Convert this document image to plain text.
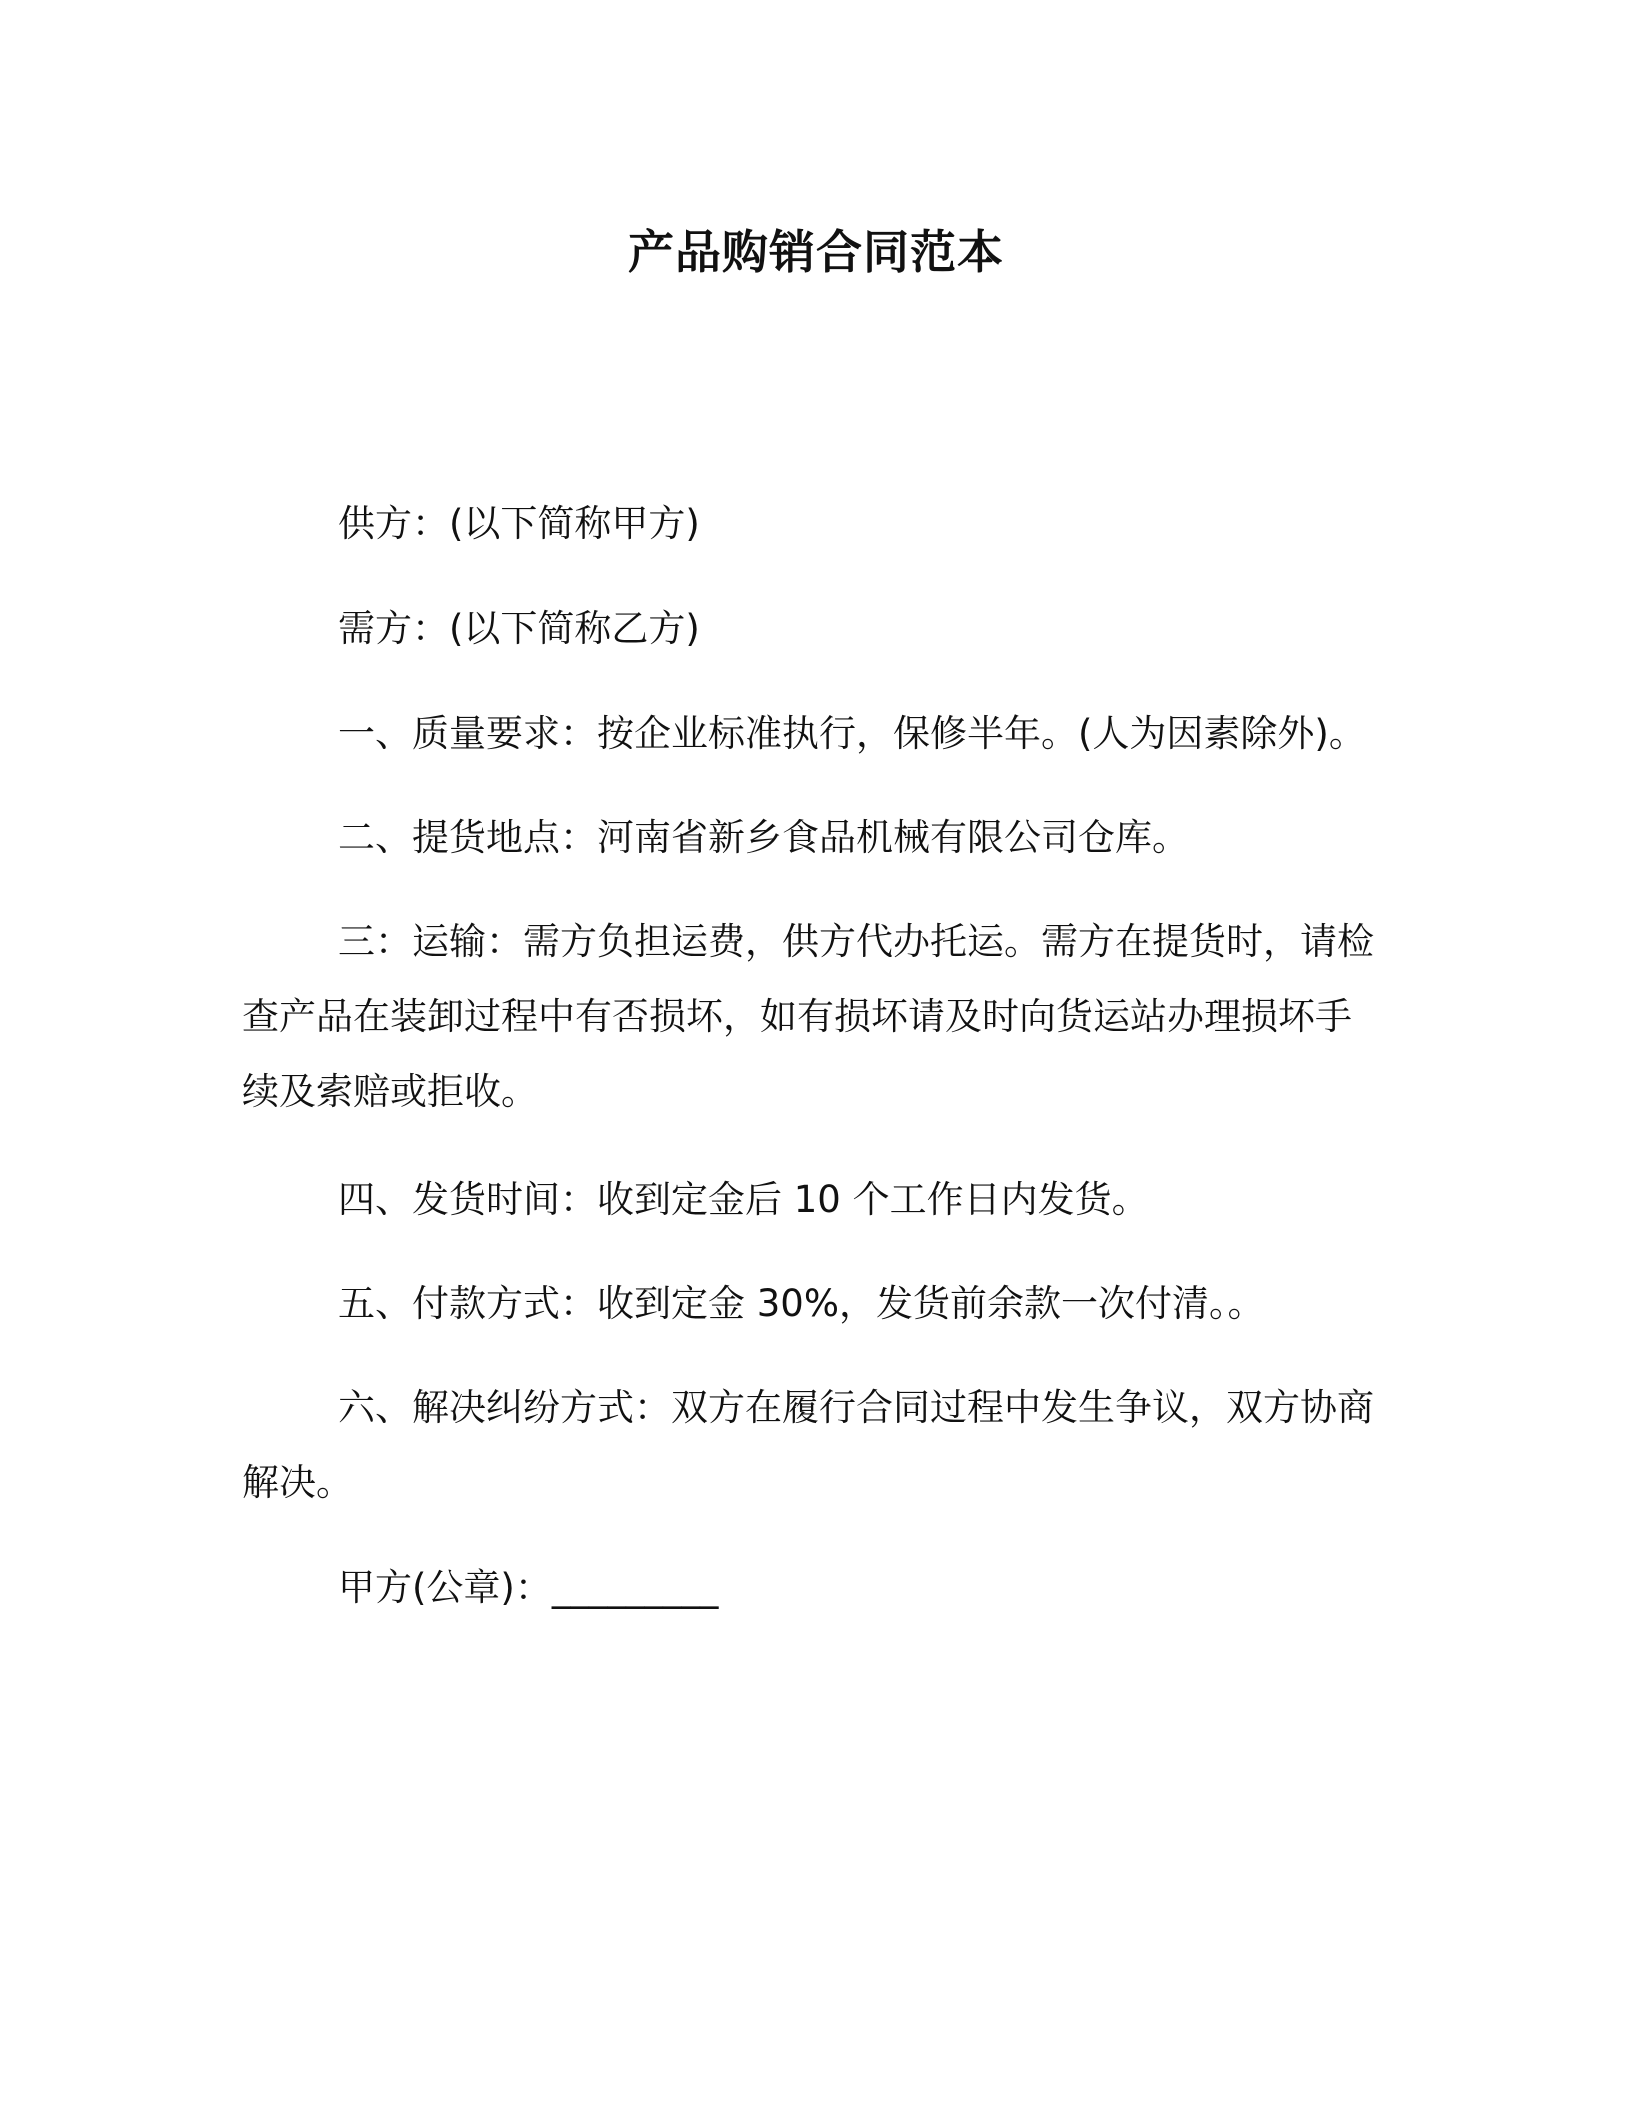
产品购销合同范本

供方：(以下简称甲方)

需方：(以下简称乙方)

一、质量要求：按企业标准执行，保修半年。(人为因素除外)。

二、提货地点：河南省新乡食品机械有限公司仓库。

三：运输：需方负担运费，供方代办托运。需方在提货时，请检查产品在装卸过程中有否损坏，如有损坏请及时向货运站办理损坏手续及索赔或拒收。

四、发货时间：收到定金后 10 个工作日内发货。

五、付款方式：收到定金 30%，发货前余款一次付清。。

六、解决纠纷方式：双方在履行合同过程中发生争议，双方协商解决。

甲方(公章)：_________
